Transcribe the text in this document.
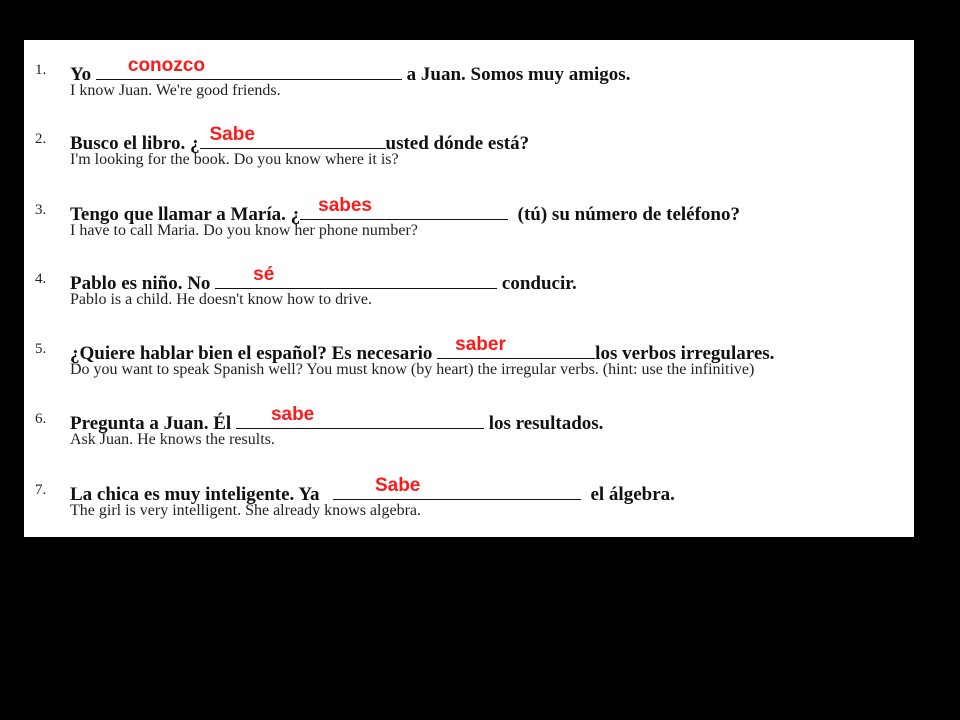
1. Yo conozco	a Juan. Somos muy amigos.
I know Juan. We're good friends.
2. Busco el libro. ¿ Sabe	usted dónde está?
I'm looking for the book. Do you know where it is?
3. Tengo que llamar a María. ¿ sabes	(tú) su número de teléfono?
I have to call Maria. Do you know her phone number?
4. Pablo es niño. No sé	conducir.
Pablo is a child. He doesn't know how to drive.
5. ¿Quiere hablar bien el español? Es necesario saber	los verbos irregulares.
Do you want to speak Spanish well? You must know (by heart) the irregular verbs. (hint: use the infinitive)
6. Pregunta a Juan. Él sabe	los resultados.
Ask Juan. He knows the results.
7. La chica es muy inteligente. Ya Sabe	el álgebra.
The girl is very intelligent. She already knows algebra.
